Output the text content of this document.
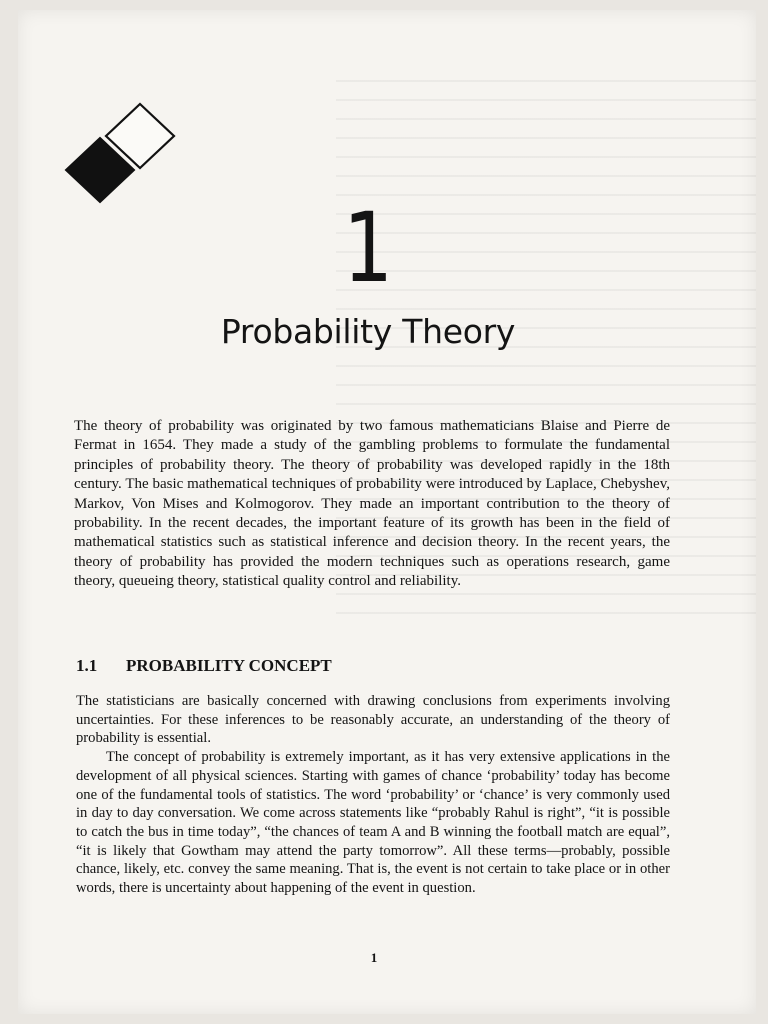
1
Probability Theory

The theory of probability was originated by two famous mathematicians Blaise and Pierre de Fermat in 1654. They made a study of the gambling problems to formulate the fundamental principles of probability theory. The theory of probability was developed rapidly in the 18th century. The basic mathematical techniques of probability were introduced by Laplace, Chebyshev, Markov, Von Mises and Kolmogorov. They made an important contribution to the theory of probability. In the recent decades, the important feature of its growth has been in the field of mathematical statistics such as statistical inference and decision theory. In the recent years, the theory of probability has provided the modern techniques such as operations research, game theory, queueing theory, statistical quality control and reliability.

1.1 PROBABILITY CONCEPT

The statisticians are basically concerned with drawing conclusions from experiments involving uncertainties. For these inferences to be reasonably accurate, an understanding of the theory of probability is essential.

The concept of probability is extremely important, as it has very extensive applications in the development of all physical sciences. Starting with games of chance ‘probability’ today has become one of the fundamental tools of statistics. The word ‘probability’ or ‘chance’ is very commonly used in day to day conversation. We come across statements like “probably Rahul is right”, “it is possible to catch the bus in time today”, “the chances of team A and B winning the football match are equal”, “it is likely that Gowtham may attend the party tomorrow”. All these terms—probably, possible chance, likely, etc. convey the same meaning. That is, the event is not certain to take place or in other words, there is uncertainty about happening of the event in question.

1
